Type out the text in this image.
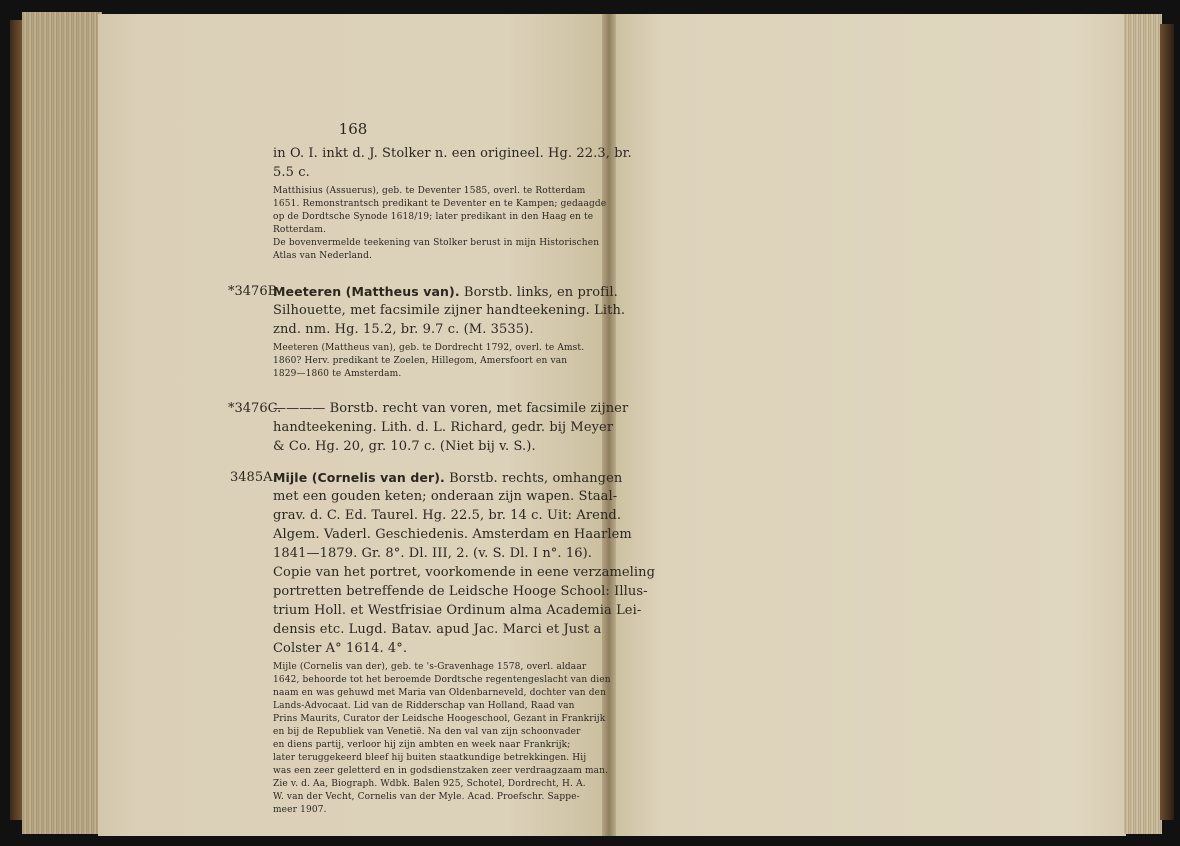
168
in O. I. inkt d. J. Stolker n. een origineel. Hg. 22.3, br.
5.5 c.
Matthisius (Assuerus), geb. te Deventer 1585, overl. te Rotterdam
1651. Remonstrantsch predikant te Deventer en te Kampen; gedaagde
op de Dordtsche Synode 1618/19; later predikant in den Haag en te
Rotterdam.
De bovenvermelde teekening van Stolker berust in mijn Historischen
Atlas van Nederland.
*3476B.
Meeteren (Mattheus van). Borstb. links, en profil.
Silhouette, met facsimile zijner handteekening. Lith.
znd. nm. Hg. 15.2, br. 9.7 c. (M. 3535).
Meeteren (Mattheus van), geb. te Dordrecht 1792, overl. te Amst.
1860? Herv. predikant te Zoelen, Hillegom, Amersfoort en van
1829—1860 te Amsterdam.
*3476C.
———— Borstb. recht van voren, met facsimile zijner
handteekening. Lith. d. L. Richard, gedr. bij Meyer
& Co. Hg. 20, gr. 10.7 c. (Niet bij v. S.).
3485A.
Mijle (Cornelis van der). Borstb. rechts, omhangen
met een gouden keten; onderaan zijn wapen. Staal-
grav. d. C. Ed. Taurel. Hg. 22.5, br. 14 c. Uit: Arend.
Algem. Vaderl. Geschiedenis. Amsterdam en Haarlem
1841—1879. Gr. 8°. Dl. III, 2. (v. S. Dl. I n°. 16).
Copie van het portret, voorkomende in eene verzameling
portretten betreffende de Leidsche Hooge School: Illus-
trium Holl. et Westfrisiae Ordinum alma Academia Lei-
densis etc. Lugd. Batav. apud Jac. Marci et Just a
Colster A° 1614. 4°.
Mijle (Cornelis van der), geb. te 's-Gravenhage 1578, overl. aldaar
1642, behoorde tot het beroemde Dordtsche regentengeslacht van dien
naam en was gehuwd met Maria van Oldenbarneveld, dochter van den
Lands-Advocaat. Lid van de Ridderschap van Holland, Raad van
Prins Maurits, Curator der Leidsche Hoogeschool, Gezant in Frankrijk
en bij de Republiek van Venetië. Na den val van zijn schoonvader
en diens partij, verloor hij zijn ambten en week naar Frankrijk;
later teruggekeerd bleef hij buiten staatkundige betrekkingen. Hij
was een zeer geletterd en in godsdienstzaken zeer verdraagzaam man.
Zie v. d. Aa, Biograph. Wdbk. Balen 925, Schotel, Dordrecht, H. A.
W. van der Vecht, Cornelis van der Myle. Acad. Proefschr. Sappe-
meer 1907.
